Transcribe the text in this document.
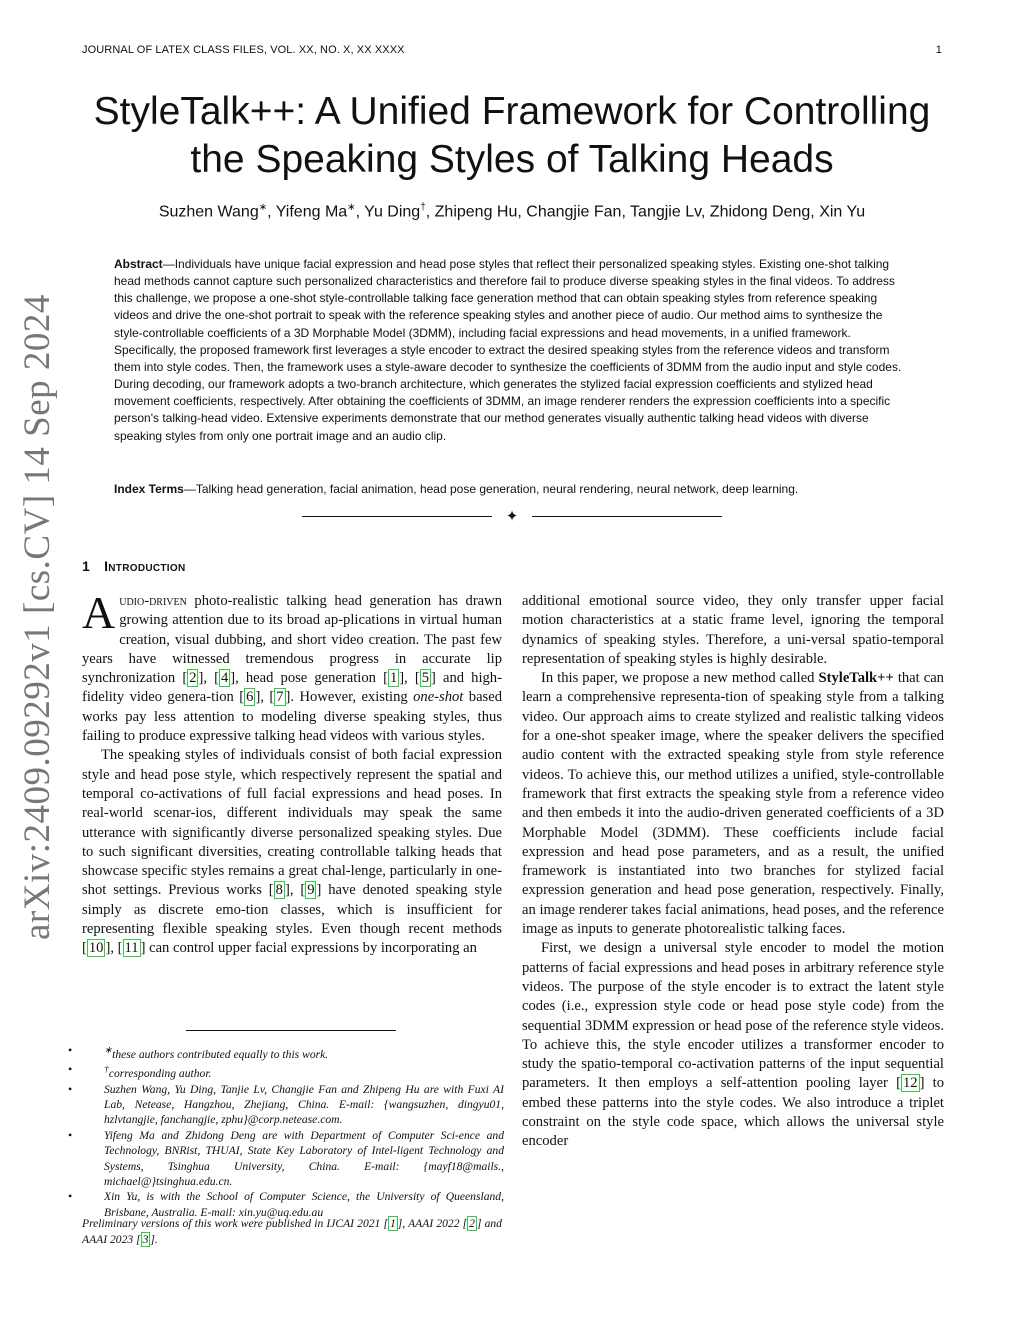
JOURNAL OF LATEX CLASS FILES, VOL. XX, NO. X, XX XXXX	1
arXiv:2409.09292v1 [cs.CV] 14 Sep 2024
StyleTalk++: A Unified Framework for Controlling
the Speaking Styles of Talking Heads
Suzhen Wang∗, Yifeng Ma∗, Yu Ding†, Zhipeng Hu, Changjie Fan, Tangjie Lv, Zhidong Deng, Xin Yu
Abstract—Individuals have unique facial expression and head pose styles that reflect their personalized speaking styles. Existing one-shot talking head methods cannot capture such personalized characteristics and therefore fail to produce diverse speaking styles in the final videos. To address this challenge, we propose a one-shot style-controllable talking face generation method that can obtain speaking styles from reference speaking videos and drive the one-shot portrait to speak with the reference speaking styles and another piece of audio. Our method aims to synthesize the style-controllable coefficients of a 3D Morphable Model (3DMM), including facial expressions and head movements, in a unified framework. Specifically, the proposed framework first leverages a style encoder to extract the desired speaking styles from the reference videos and transform them into style codes. Then, the framework uses a style-aware decoder to synthesize the coefficients of 3DMM from the audio input and style codes. During decoding, our framework adopts a two-branch architecture, which generates the stylized facial expression coefficients and stylized head movement coefficients, respectively. After obtaining the coefficients of 3DMM, an image renderer renders the expression coefficients into a specific person's talking-head video. Extensive experiments demonstrate that our method generates visually authentic talking head videos with diverse speaking styles from only one portrait image and an audio clip.
Index Terms—Talking head generation, facial animation, head pose generation, neural rendering, neural network, deep learning.
✦
1 Introduction

Audio-driven photo-realistic talking head generation has drawn growing attention due to its broad ap-plications in virtual human creation, visual dubbing, and short video creation. The past few years have witnessed tremendous progress in accurate lip synchronization [ 2 ], [ 4 ], head pose generation [ 1 ], [ 5 ] and high-fidelity video genera-tion [ 6 ], [ 7 ]. However, existing one-shot based works pay less attention to modeling diverse speaking styles, thus failing to produce expressive talking head videos with various styles.

The speaking styles of individuals consist of both facial expression style and head pose style, which respectively represent the spatial and temporal co-activations of full facial expressions and head poses. In real-world scenar-ios, different individuals may speak the same utterance with significantly diverse personalized speaking styles. Due to such significant diversities, creating controllable talking heads that showcase specific styles remains a great chal-lenge, particularly in one-shot settings. Previous works [ 8 ], [ 9 ] have denoted speaking style simply as discrete emo-tion classes, which is insufficient for representing flexible speaking styles. Even though recent methods [ 10 ], [ 11 ] can control upper facial expressions by incorporating an

•	∗these authors contributed equally to this work.
•	†corresponding author.
•	Suzhen Wang, Yu Ding, Tanjie Lv, Changjie Fan and Zhipeng Hu are with Fuxi AI Lab, Netease, Hangzhou, Zhejiang, China. E-mail: {wangsuzhen, dingyu01, hzlvtangjie, fanchangjie, zphu}@corp.netease.com.
•	Yifeng Ma and Zhidong Deng are with Department of Computer Sci-ence and Technology, BNRist, THUAI, State Key Laboratory of Intel-ligent Technology and Systems, Tsinghua University, China. E-mail: {mayf18@mails., michael@}tsinghua.edu.cn.
•	Xin Yu, is with the School of Computer Science, the University of Queensland, Brisbane, Australia. E-mail: xin.yu@uq.edu.au
Preliminary versions of this work were published in IJCAI 2021 [ 1 ], AAAI 2022 [ 2 ] and AAAI 2023 [ 3 ].

additional emotional source video, they only transfer upper facial motion characteristics at a static frame level, ignoring the temporal dynamics of speaking styles. Therefore, a uni-versal spatio-temporal representation of speaking styles is highly desirable.

In this paper, we propose a new method called StyleTalk++ that can learn a comprehensive representa-tion of speaking style from a talking video. Our approach aims to create stylized and realistic talking videos for a one-shot speaker image, where the speaker delivers the specified audio content with the extracted speaking style from style reference videos. To achieve this, our method utilizes a unified, style-controllable framework that first extracts the speaking style from a reference video and then embeds it into the audio-driven generated coefficients of a 3D Morphable Model (3DMM). These coefficients include facial expression and head pose parameters, and as a result, the unified framework is instantiated into two branches for stylized facial expression generation and head pose generation, respectively. Finally, an image renderer takes facial animations, head poses, and the reference image as inputs to generate photorealistic talking faces.

First, we design a universal style encoder to model the motion patterns of facial expressions and head poses in arbitrary reference style videos. The purpose of the style encoder is to extract the latent style codes (i.e., expression style code or head pose style code) from the sequential 3DMM expression or head pose of the reference style videos. To achieve this, the style encoder utilizes a transformer encoder to study the spatio-temporal co-activation patterns of the input sequential parameters. It then employs a self-attention pooling layer [ 12 ] to embed these patterns into the style codes. We also introduce a triplet constraint on the style code space, which allows the universal style encoder
